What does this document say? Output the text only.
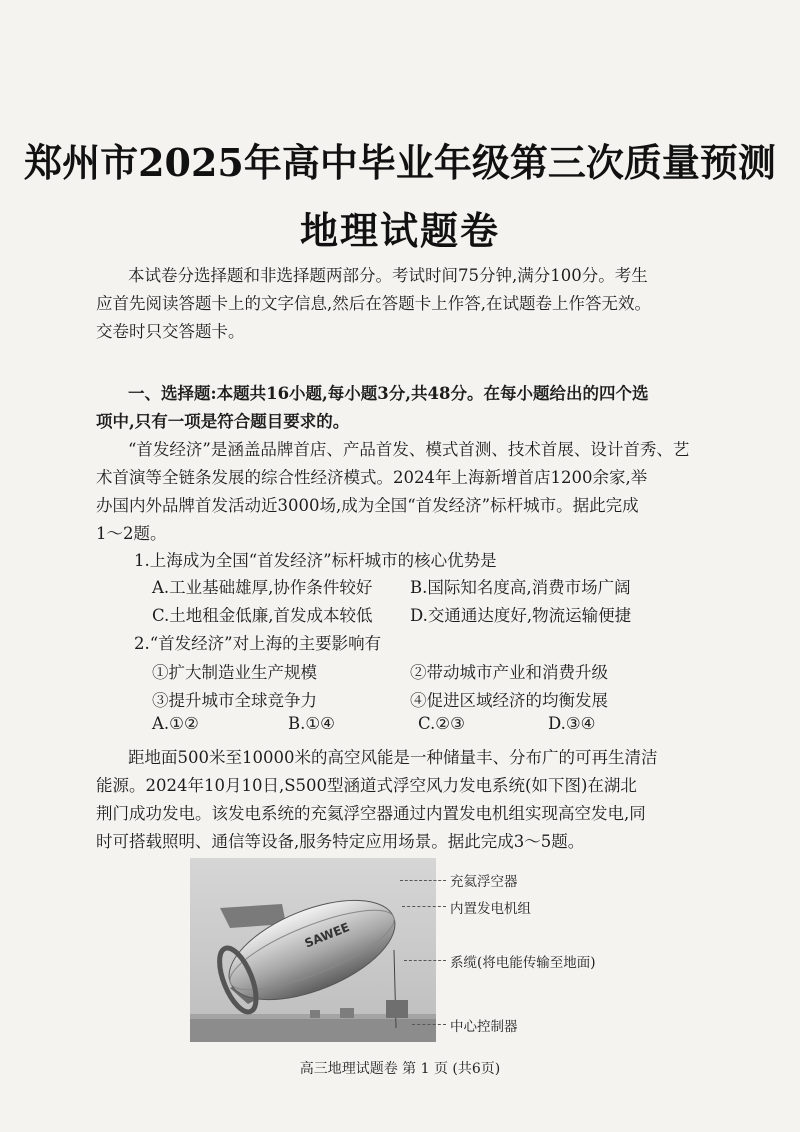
郑州市2025年高中毕业年级第三次质量预测
地理试题卷
本试卷分选择题和非选择题两部分。考试时间75分钟,满分100分。考生
应首先阅读答题卡上的文字信息,然后在答题卡上作答,在试题卷上作答无效。
交卷时只交答题卡。
一、选择题:本题共16小题,每小题3分,共48分。在每小题给出的四个选
项中,只有一项是符合题目要求的。
“首发经济”是涵盖品牌首店、产品首发、模式首测、技术首展、设计首秀、艺
术首演等全链条发展的综合性经济模式。2024年上海新增首店1200余家,举
办国内外品牌首发活动近3000场,成为全国“首发经济”标杆城市。据此完成
1～2题。
1.上海成为全国“首发经济”标杆城市的核心优势是
A.工业基础雄厚,协作条件较好 B.国际知名度高,消费市场广阔
C.土地租金低廉,首发成本较低 D.交通通达度好,物流运输便捷
2.“首发经济”对上海的主要影响有
①扩大制造业生产规模	②带动城市产业和消费升级
③提升城市全球竞争力	④促进区域经济的均衡发展
A.①②	B.①④	C.②③	D.③④
距地面500米至10000米的高空风能是一种储量丰、分布广的可再生清洁
能源。2024年10月10日,S500型涵道式浮空风力发电系统(如下图)在湖北
荆门成功发电。该发电系统的充氦浮空器通过内置发电机组实现高空发电,同
时可搭载照明、通信等设备,服务特定应用场景。据此完成3～5题。
SAWEE
充氦浮空器
内置发电机组
系缆(将电能传输至地面)
中心控制器
高三地理试题卷 第 1 页 (共6页)
